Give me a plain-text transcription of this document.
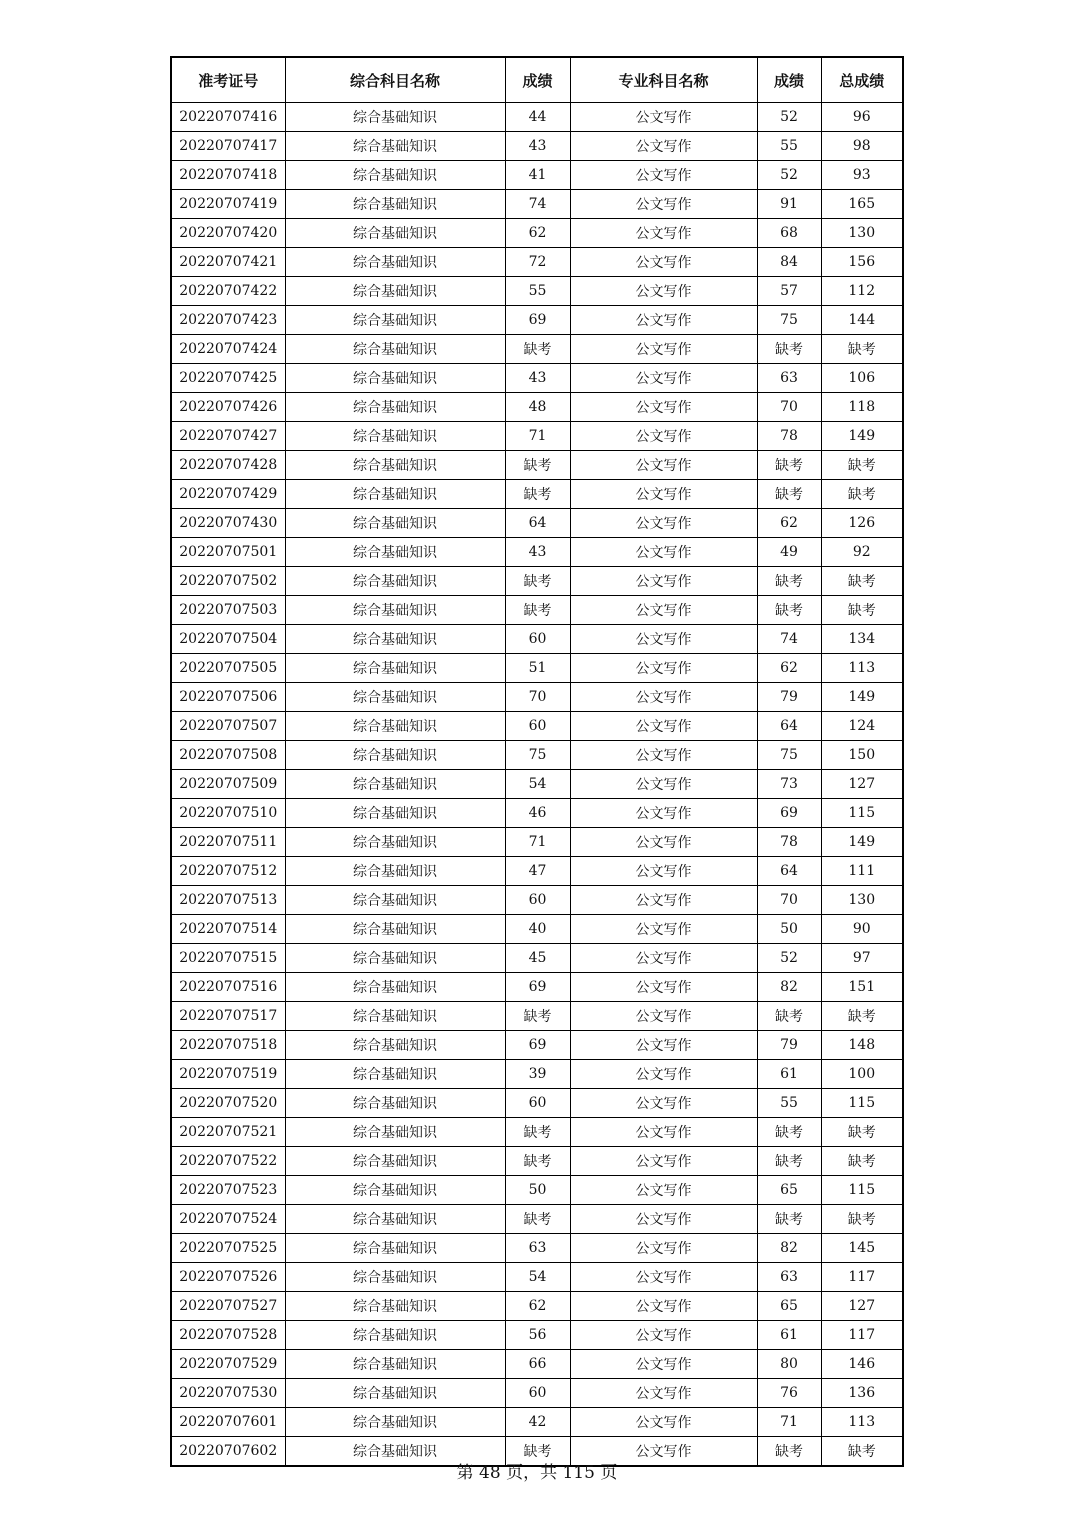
准考证号	综合科目名称	成绩	专业科目名称	成绩	总成绩
20220707416	综合基础知识	44	公文写作	52	96
20220707417	综合基础知识	43	公文写作	55	98
20220707418	综合基础知识	41	公文写作	52	93
20220707419	综合基础知识	74	公文写作	91	165
20220707420	综合基础知识	62	公文写作	68	130
20220707421	综合基础知识	72	公文写作	84	156
20220707422	综合基础知识	55	公文写作	57	112
20220707423	综合基础知识	69	公文写作	75	144
20220707424	综合基础知识	缺考	公文写作	缺考	缺考
20220707425	综合基础知识	43	公文写作	63	106
20220707426	综合基础知识	48	公文写作	70	118
20220707427	综合基础知识	71	公文写作	78	149
20220707428	综合基础知识	缺考	公文写作	缺考	缺考
20220707429	综合基础知识	缺考	公文写作	缺考	缺考
20220707430	综合基础知识	64	公文写作	62	126
20220707501	综合基础知识	43	公文写作	49	92
20220707502	综合基础知识	缺考	公文写作	缺考	缺考
20220707503	综合基础知识	缺考	公文写作	缺考	缺考
20220707504	综合基础知识	60	公文写作	74	134
20220707505	综合基础知识	51	公文写作	62	113
20220707506	综合基础知识	70	公文写作	79	149
20220707507	综合基础知识	60	公文写作	64	124
20220707508	综合基础知识	75	公文写作	75	150
20220707509	综合基础知识	54	公文写作	73	127
20220707510	综合基础知识	46	公文写作	69	115
20220707511	综合基础知识	71	公文写作	78	149
20220707512	综合基础知识	47	公文写作	64	111
20220707513	综合基础知识	60	公文写作	70	130
20220707514	综合基础知识	40	公文写作	50	90
20220707515	综合基础知识	45	公文写作	52	97
20220707516	综合基础知识	69	公文写作	82	151
20220707517	综合基础知识	缺考	公文写作	缺考	缺考
20220707518	综合基础知识	69	公文写作	79	148
20220707519	综合基础知识	39	公文写作	61	100
20220707520	综合基础知识	60	公文写作	55	115
20220707521	综合基础知识	缺考	公文写作	缺考	缺考
20220707522	综合基础知识	缺考	公文写作	缺考	缺考
20220707523	综合基础知识	50	公文写作	65	115
20220707524	综合基础知识	缺考	公文写作	缺考	缺考
20220707525	综合基础知识	63	公文写作	82	145
20220707526	综合基础知识	54	公文写作	63	117
20220707527	综合基础知识	62	公文写作	65	127
20220707528	综合基础知识	56	公文写作	61	117
20220707529	综合基础知识	66	公文写作	80	146
20220707530	综合基础知识	60	公文写作	76	136
20220707601	综合基础知识	42	公文写作	71	113
20220707602	综合基础知识	缺考	公文写作	缺考	缺考
第 48 页，共 115 页
